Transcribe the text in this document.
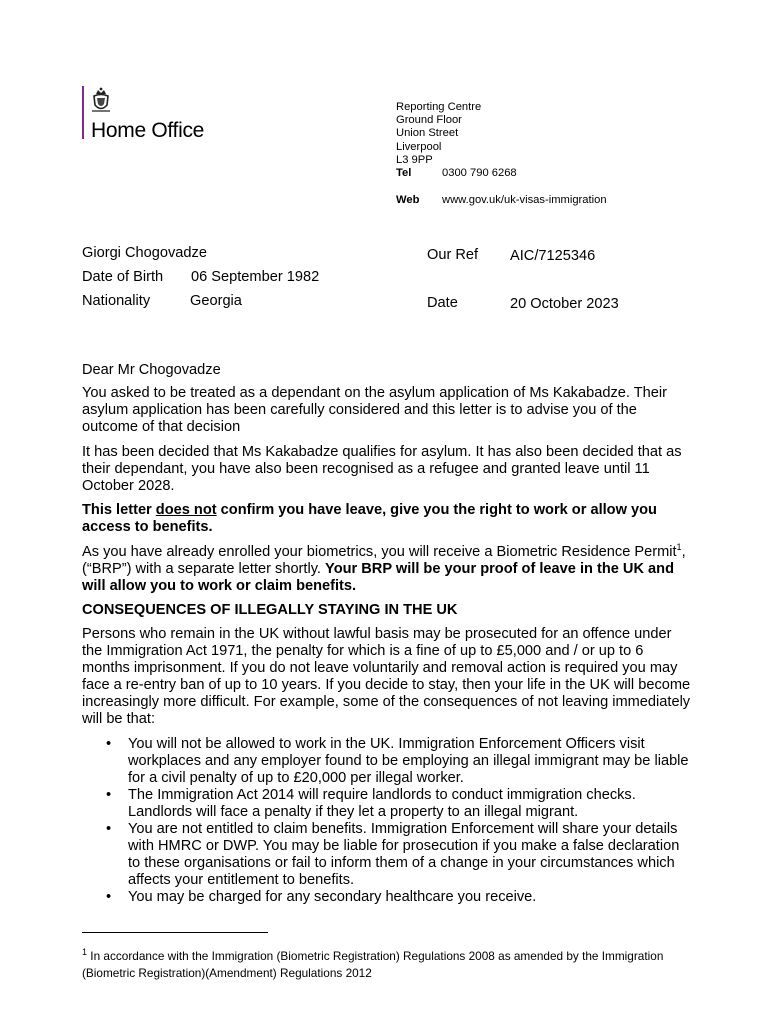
Home Office
Reporting Centre
Ground Floor
Union Street
Liverpool
L3 9PP
Tel	0300 790 6268
Web www.gov.uk/uk-visas-immigration
Giorgi Chogovadze
Date of Birth 06 September 1982
Nationality	Georgia
Our Ref AIC/7125346
Date	20 October 2023
Dear Mr Chogovadze
You asked to be treated as a dependant on the asylum application of Ms Kakabadze. Their asylum application has been carefully considered and this letter is to advise you of the outcome of that decision
It has been decided that Ms Kakabadze qualifies for asylum. It has also been decided that as their dependant, you have also been recognised as a refugee and granted leave until 11 October 2028.
This letter does not confirm you have leave, give you the right to work or allow you access to benefits.
As you have already enrolled your biometrics, you will receive a Biometric Residence Permit$^1$,(“BRP”) with a separate letter shortly. Your BRP will be your proof of leave in the UK and will allow you to work or claim benefits.
CONSEQUENCES OF ILLEGALLY STAYING IN THE UK
Persons who remain in the UK without lawful basis may be prosecuted for an offence under the Immigration Act 1971, the penalty for which is a fine of up to £5,000 and / or up to 6 months imprisonment. If you do not leave voluntarily and removal action is required you may face a re-entry ban of up to 10 years. If you decide to stay, then your life in the UK will become increasingly more difficult. For example, some of the consequences of not leaving immediately will be that:
• You will not be allowed to work in the UK. Immigration Enforcement Officers visit workplaces and any employer found to be employing an illegal immigrant may be liable for a civil penalty of up to £20,000 per illegal worker.
• The Immigration Act 2014 will require landlords to conduct immigration checks. Landlords will face a penalty if they let a property to an illegal migrant.
• You are not entitled to claim benefits. Immigration Enforcement will share your details with HMRC or DWP. You may be liable for prosecution if you make a false declaration to these organisations or fail to inform them of a change in your circumstances which affects your entitlement to benefits.
• You may be charged for any secondary healthcare you receive.
$^1$ In accordance with the Immigration (Biometric Registration) Regulations 2008 as amended by the Immigration (Biometric Registration)(Amendment) Regulations 2012
